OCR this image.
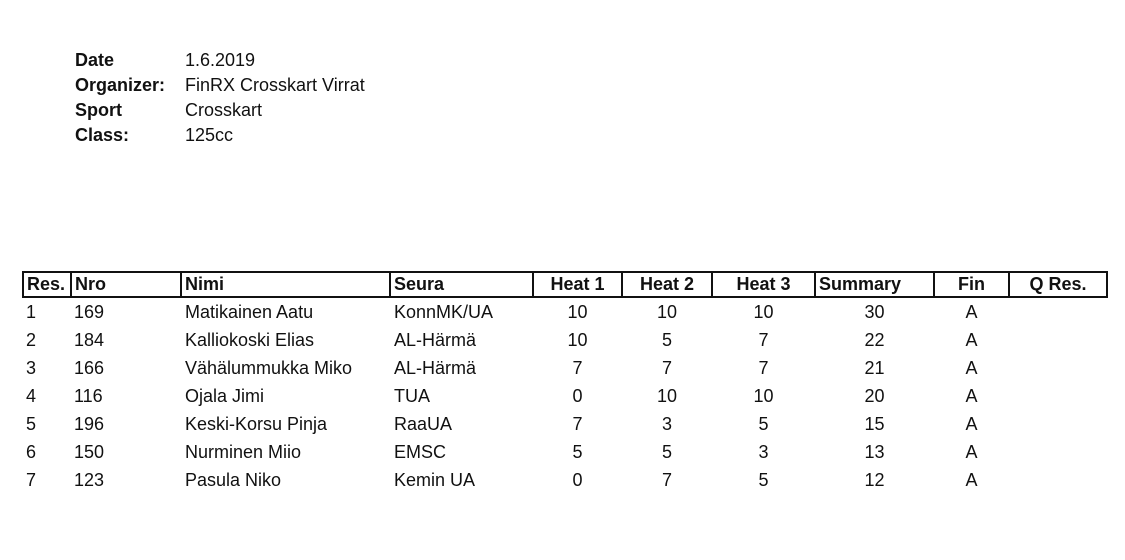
Date	1.6.2019
Organizer:	FinRX Crosskart Virrat
Sport	Crosskart
Class:	125cc
Res.	Nro	Nimi	Seura	Heat 1	Heat 2	Heat 3	Summary	Fin	Q Res.
1	169	Matikainen Aatu	KonnMK/UA	10	10	10	30	A	
2	184	Kalliokoski Elias	AL-Härmä	10	5	7	22	A	
3	166	Vähälummukka Miko	AL-Härmä	7	7	7	21	A	
4	116	Ojala Jimi	TUA	0	10	10	20	A	
5	196	Keski-Korsu Pinja	RaaUA	7	3	5	15	A	
6	150	Nurminen Miio	EMSC	5	5	3	13	A	
7	123	Pasula Niko	Kemin UA	0	7	5	12	A	
